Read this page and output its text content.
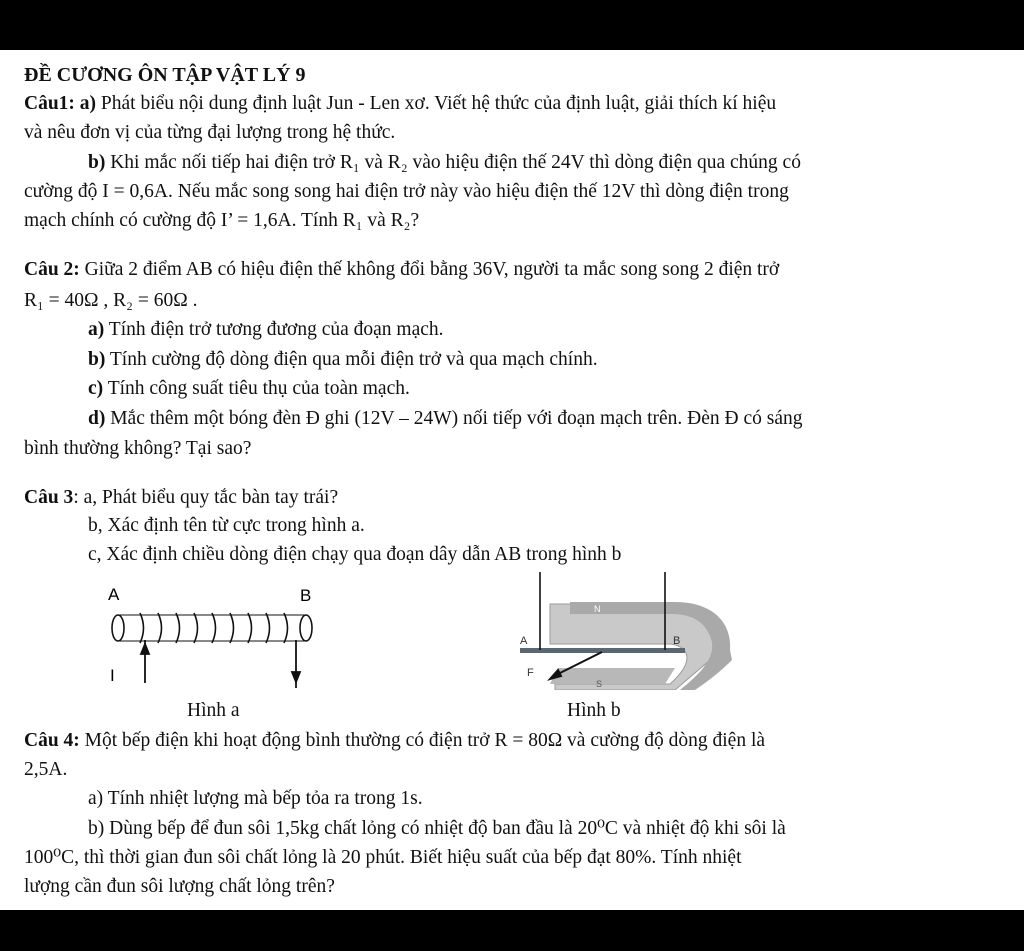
ĐỀ CƯƠNG ÔN TẬP VẬT LÝ 9
Câu1: a) Phát biểu nội dung định luật Jun - Len xơ. Viết hệ thức của định luật, giải thích kí hiệu
và nêu đơn vị của từng đại lượng trong hệ thức.
b) Khi mắc nối tiếp hai điện trở R₁ và R₂ vào hiệu điện thế 24V thì dòng điện qua chúng có
cường độ I = 0,6A. Nếu mắc song song hai điện trở này vào hiệu điện thế 12V thì dòng điện trong
mạch chính có cường độ I’ = 1,6A. Tính R₁ và R₂?
Câu 2: Giữa 2 điểm AB có hiệu điện thế không đổi bằng 36V, người ta mắc song song 2 điện trở
R₁ = 40Ω , R₂ = 60Ω .
a) Tính điện trở tương đương của đoạn mạch.
b) Tính cường độ dòng điện qua mỗi điện trở và qua mạch chính.
c) Tính công suất tiêu thụ của toàn mạch.
d) Mắc thêm một bóng đèn Đ ghi (12V – 24W) nối tiếp với đoạn mạch trên. Đèn Đ có sáng
bình thường không? Tại sao?
Câu 3: a, Phát biểu quy tắc bàn tay trái?
b, Xác định tên từ cực trong hình a.
c, Xác định chiều dòng điện chạy qua đoạn dây dẫn AB trong hình b
A	B
I
Hình a
N
A	B
F
S
Hình b
Câu 4: Một bếp điện khi hoạt động bình thường có điện trở R = 80Ω và cường độ dòng điện là
2,5A.
a) Tính nhiệt lượng mà bếp tỏa ra trong 1s.
b) Dùng bếp để đun sôi 1,5kg chất lỏng có nhiệt độ ban đầu là 20⁰C và nhiệt độ khi sôi là
100⁰C, thì thời gian đun sôi chất lỏng là 20 phút. Biết hiệu suất của bếp đạt 80%. Tính nhiệt
lượng cần đun sôi lượng chất lỏng trên?
